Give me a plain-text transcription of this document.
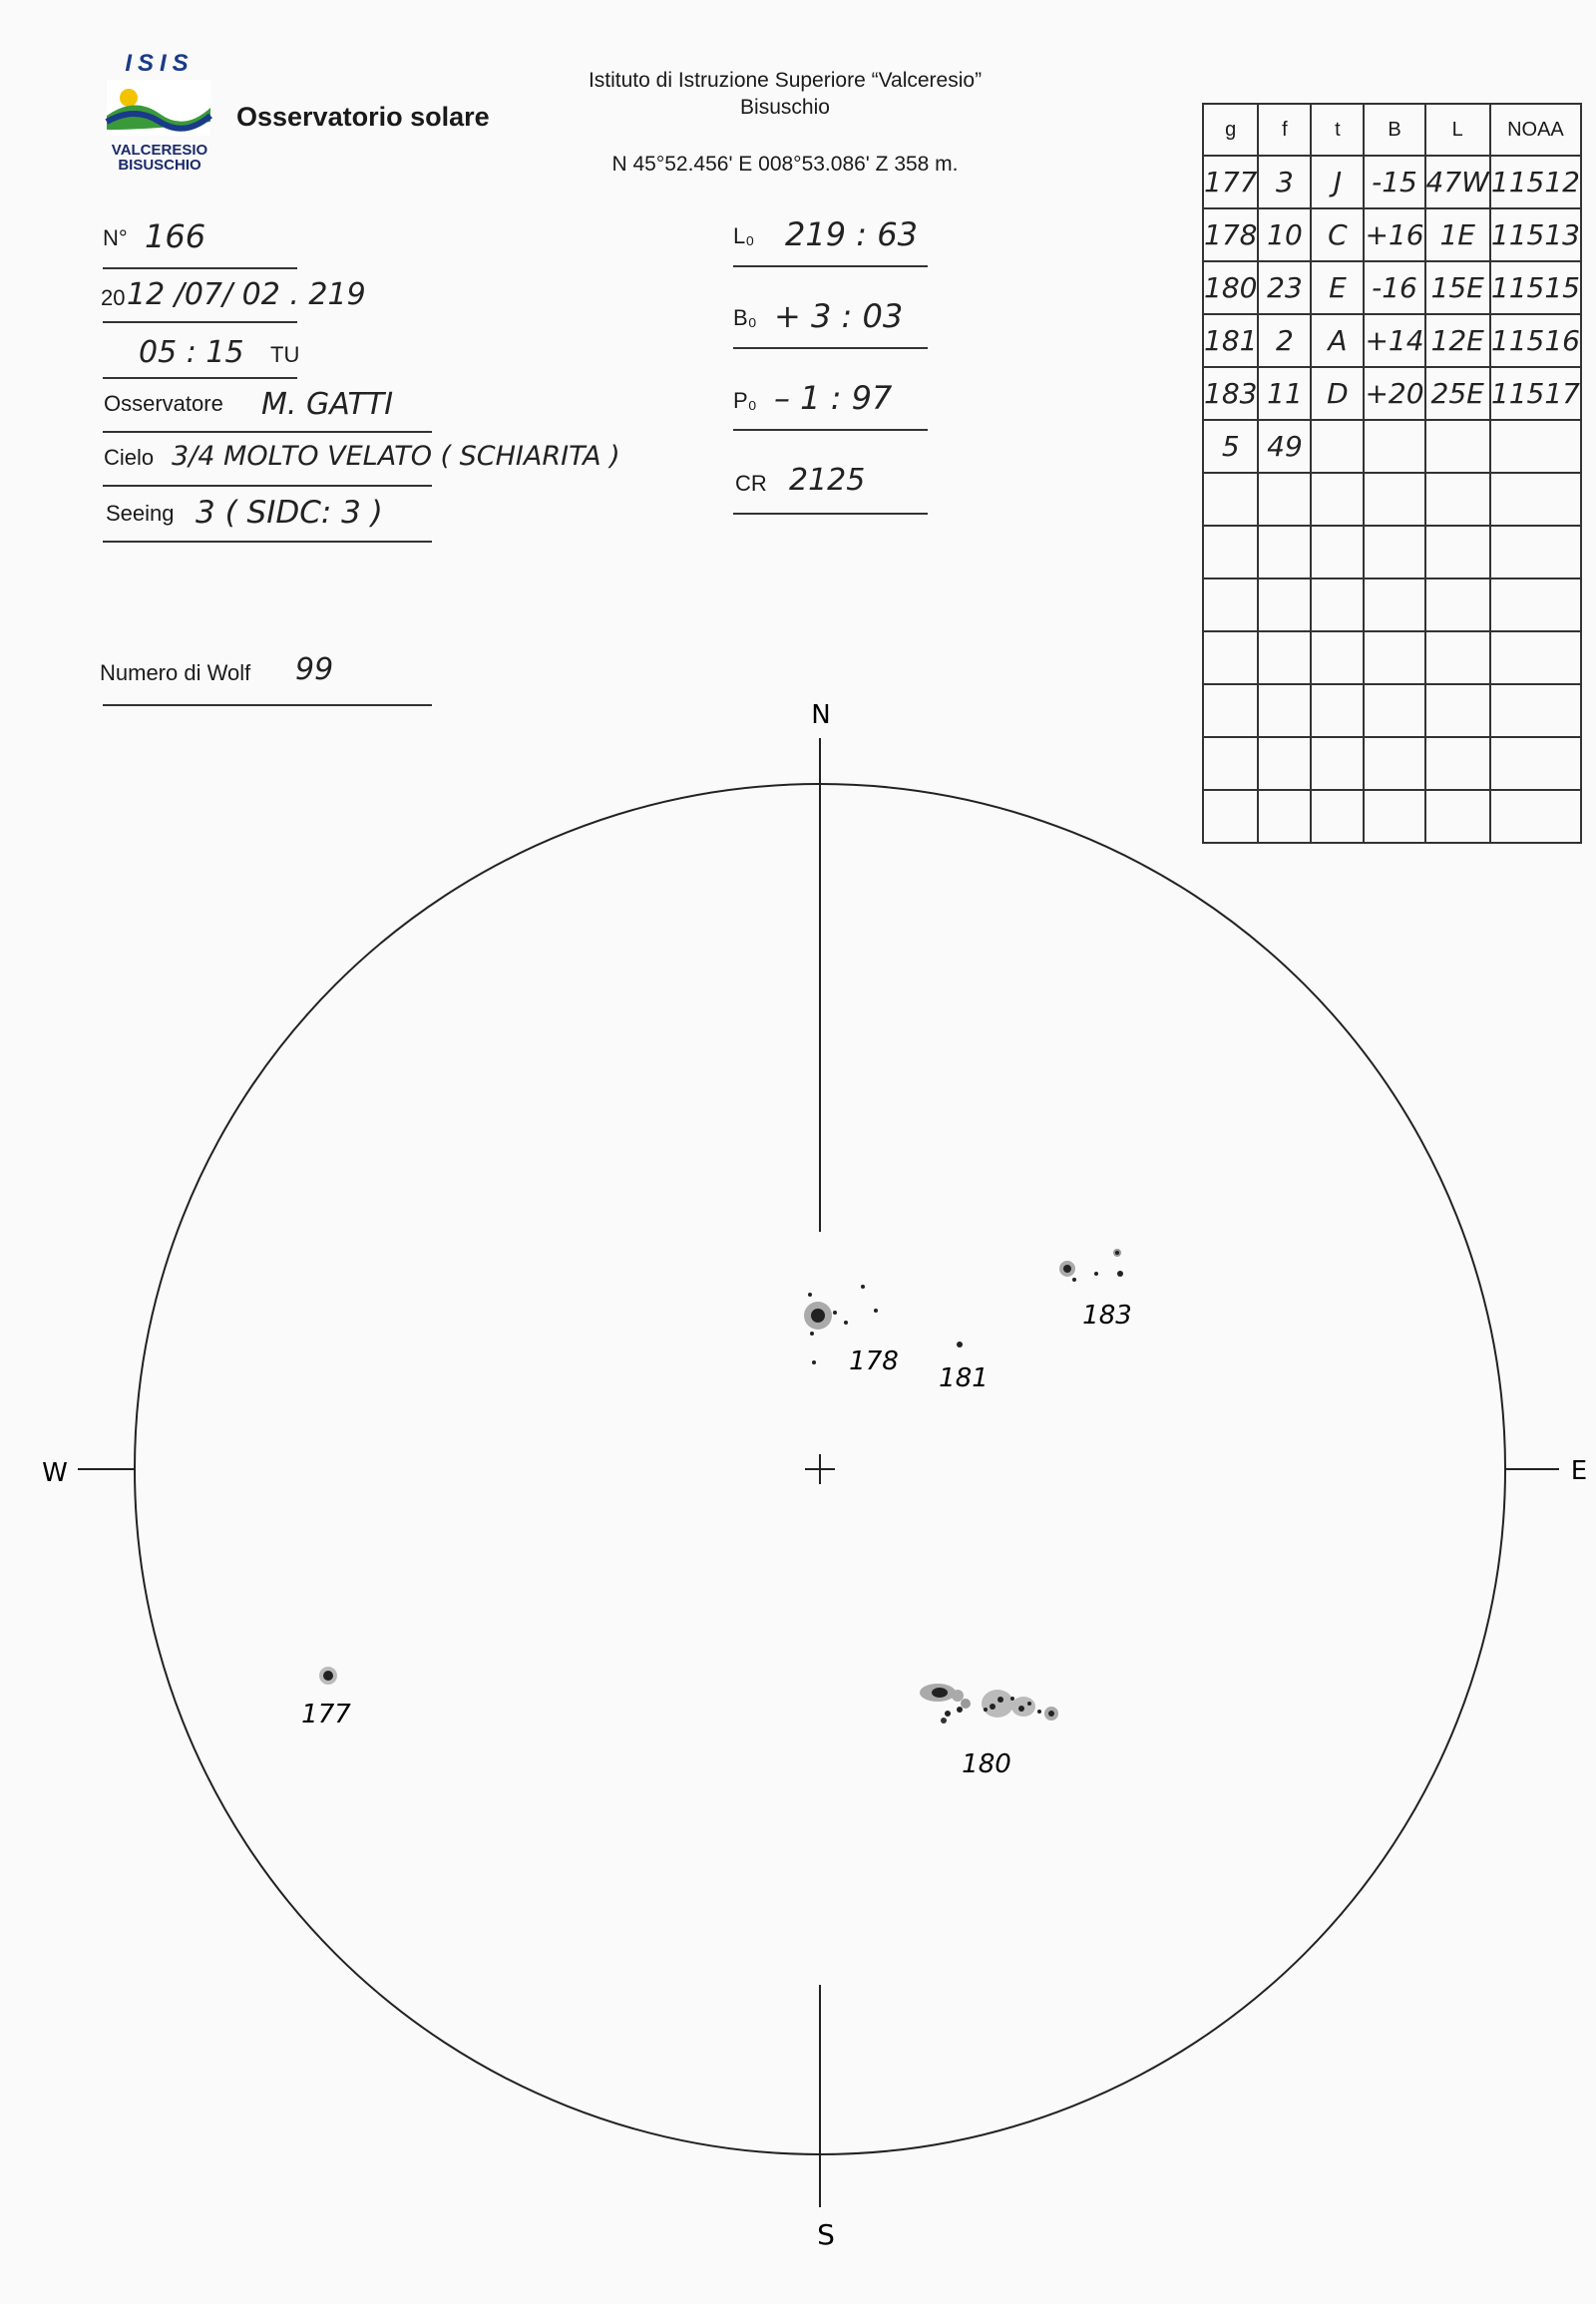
ISIS
VALCERESIO
BISUSCHIO
Osservatorio solare
Istituto di Istruzione Superiore “Valceresio”
Bisuschio
N 45°52.456' E 008°53.086' Z 358 m.
N° 166
20 12 /07/ 02 . 219
05 : 15 TU
Osservatore M. GATTI
Cielo 3/4 MOLTO VELATO ( SCHIARITA )
Seeing 3 ( SIDC: 3 )
Numero di Wolf 99
L₀ 219 : 63
B₀ + 3 : 03
P₀ – 1 : 97
CR 2125
g	f	t	B	L	NOAA
177	3	J	-15	47W	11512
178	10	C	+16	1E	11513
180	23	E	-16	15E	11515
181	2	A	+14	12E	11516
183	11	D	+20	25E	11517
5	49				

N
S
W	E
177
178
181
183
180
